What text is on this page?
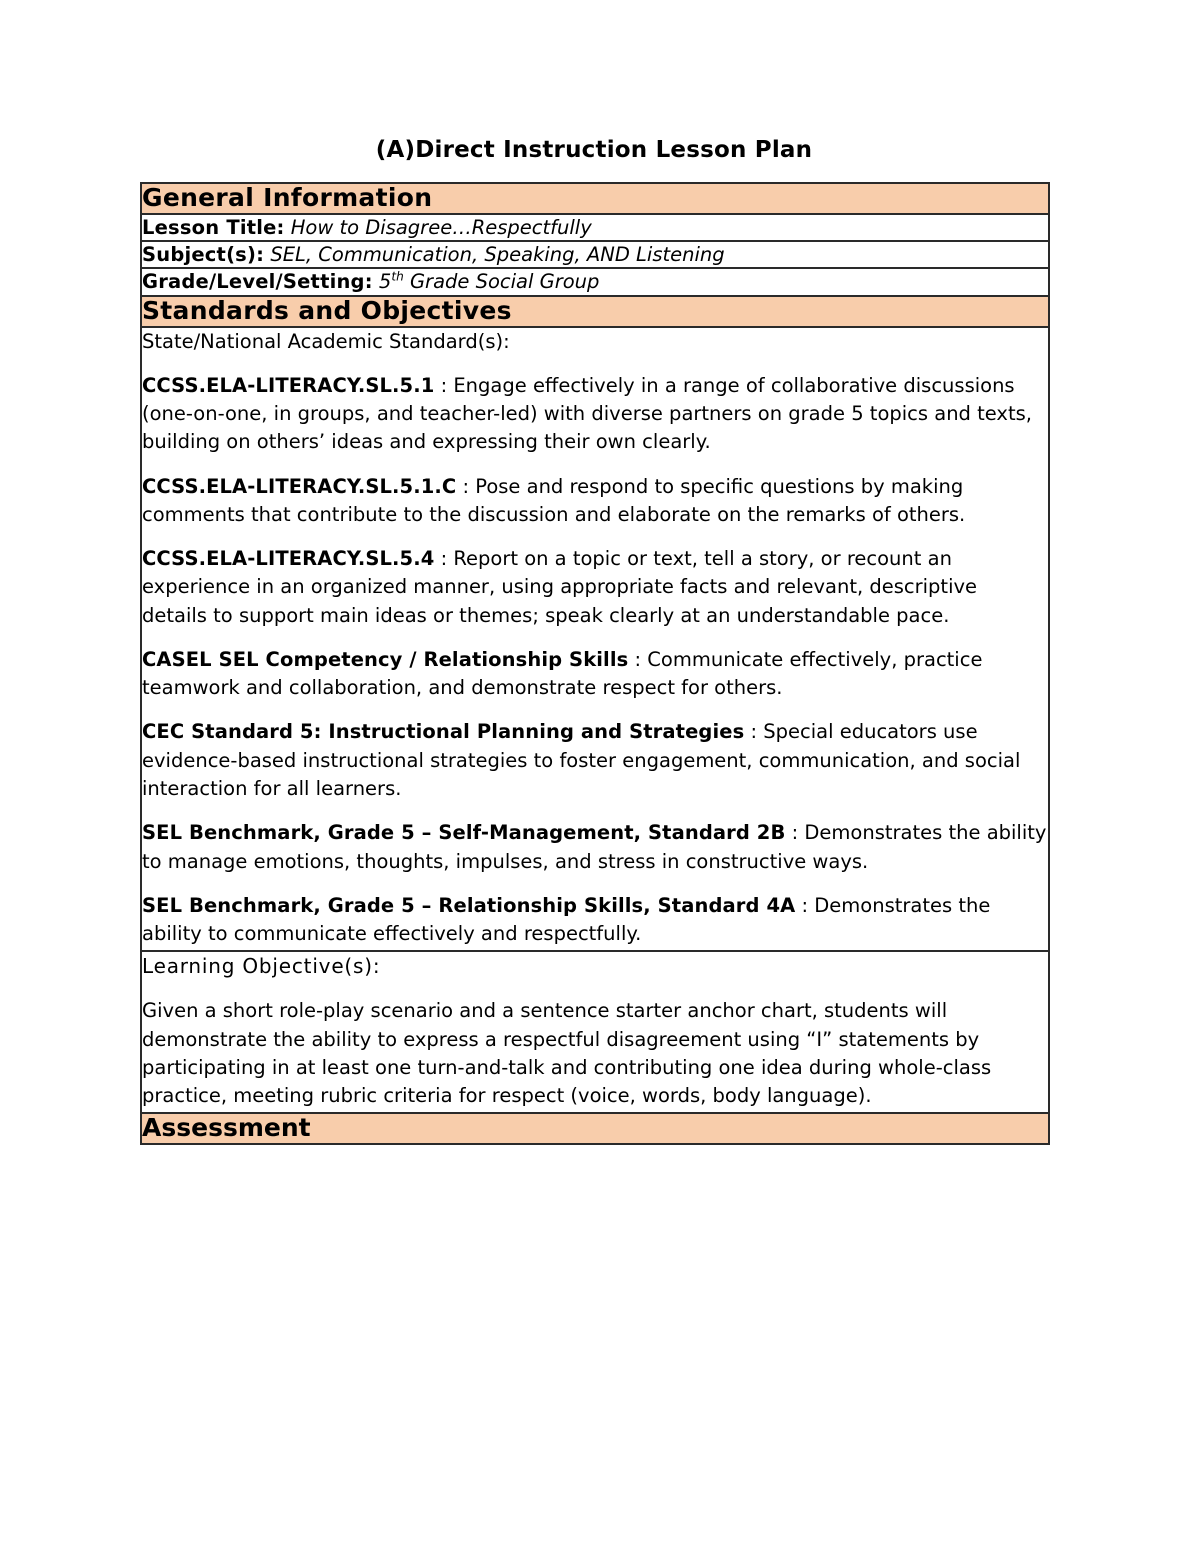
(A)Direct Instruction Lesson Plan
General Information
Lesson Title: How to Disagree…Respectfully
Subject(s): SEL, Communication, Speaking, AND Listening
Grade/Level/Setting: 5th Grade Social Group
Standards and Objectives

State/National Academic Standard(s):

CCSS.ELA-LITERACY.SL.5.1 : Engage effectively in a range of collaborative discussions (one-on-one, in groups, and teacher-led) with diverse partners on grade 5 topics and texts, building on others’ ideas and expressing their own clearly.

CCSS.ELA-LITERACY.SL.5.1.C : Pose and respond to specific questions by making comments that contribute to the discussion and elaborate on the remarks of others.

CCSS.ELA-LITERACY.SL.5.4 : Report on a topic or text, tell a story, or recount an experience in an organized manner, using appropriate facts and relevant, descriptive details to support main ideas or themes; speak clearly at an understandable pace.

CASEL SEL Competency / Relationship Skills : Communicate effectively, practice teamwork and collaboration, and demonstrate respect for others.

CEC Standard 5: Instructional Planning and Strategies : Special educators use evidence-based instructional strategies to foster engagement, communication, and social interaction for all learners.

SEL Benchmark, Grade 5 – Self-Management, Standard 2B : Demonstrates the ability to manage emotions, thoughts, impulses, and stress in constructive ways.

SEL Benchmark, Grade 5 – Relationship Skills, Standard 4A : Demonstrates the ability to communicate effectively and respectfully.

Learning Objective(s):

Given a short role-play scenario and a sentence starter anchor chart, students will demonstrate the ability to express a respectful disagreement using “I” statements by participating in at least one turn-and-talk and contributing one idea during whole-class practice, meeting rubric criteria for respect (voice, words, body language).

Assessment
